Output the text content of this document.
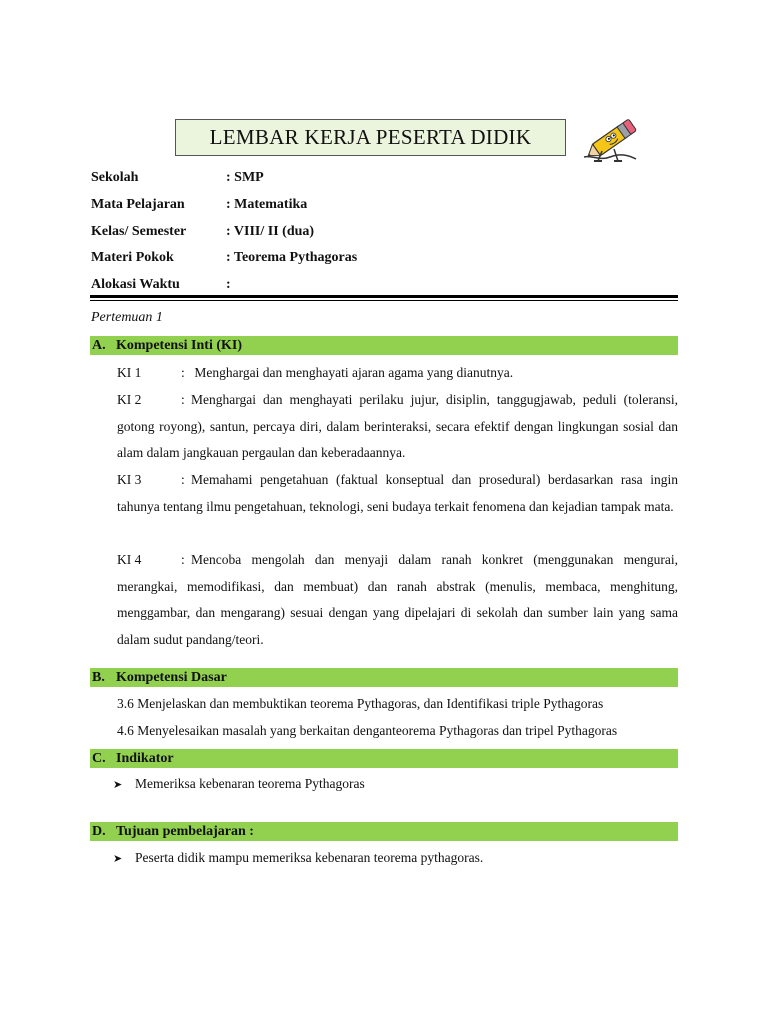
LEMBAR KERJA PESERTA DIDIK
Sekolah	: SMP
Mata Pelajaran	: Matematika
Kelas/ Semester	: VIII/ II (dua)
Materi Pokok	: Teorema Pythagoras
Alokasi Waktu	:
Pertemuan 1
A. Kompetensi Inti (KI)
KI 1	: Menghargai dan menghayati ajaran agama yang dianutnya.
KI 2	: Menghargai dan menghayati perilaku jujur, disiplin, tanggugjawab, peduli (toleransi, gotong royong), santun, percaya diri, dalam berinteraksi, secara efektif dengan lingkungan sosial dan alam dalam jangkauan pergaulan dan keberadaannya.
KI 3	: Memahami pengetahuan (faktual konseptual dan prosedural) berdasarkan rasa ingin tahunya tentang ilmu pengetahuan, teknologi, seni budaya terkait fenomena dan kejadian tampak mata.
KI 4	: Mencoba mengolah dan menyaji dalam ranah konkret (menggunakan mengurai, merangkai, memodifikasi, dan membuat) dan ranah abstrak (menulis, membaca, menghitung, menggambar, dan mengarang) sesuai dengan yang dipelajari di sekolah dan sumber lain yang sama dalam sudut pandang/teori.
B. Kompetensi Dasar
3.6 Menjelaskan dan membuktikan teorema Pythagoras, dan Identifikasi triple Pythagoras
4.6 Menyelesaikan masalah yang berkaitan denganteorema Pythagoras dan tripel Pythagoras
C. Indikator
➤ Memeriksa kebenaran teorema Pythagoras
D. Tujuan pembelajaran :
➤ Peserta didik mampu memeriksa kebenaran teorema pythagoras.
